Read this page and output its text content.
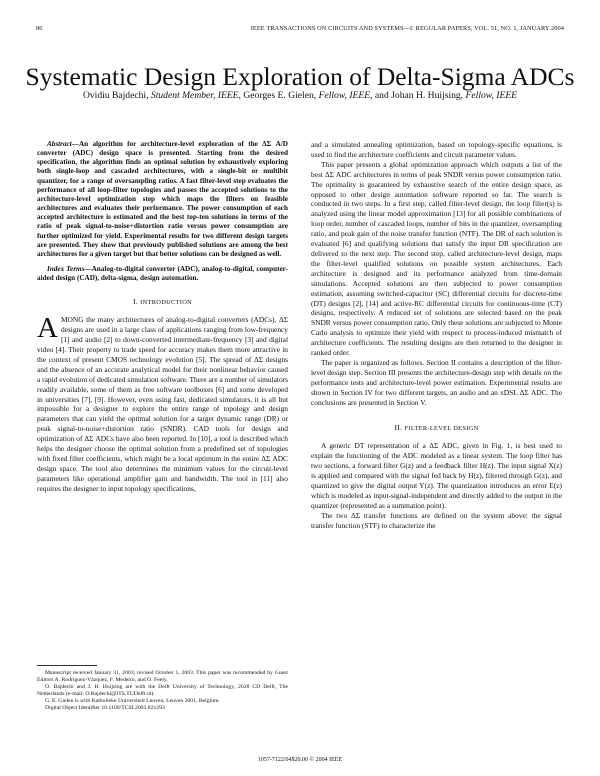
86	IEEE TRANSACTIONS ON CIRCUITS AND SYSTEMS—I: REGULAR PAPERS, VOL. 51, NO. 1, JANUARY 2004
Systematic Design Exploration of Delta-Sigma ADCs
Ovidiu Bajdechi, Student Member, IEEE, Georges E. Gielen, Fellow, IEEE, and Johan H. Huijsing, Fellow, IEEE

Abstract—An algorithm for architecture-level exploration of the ΔΣ A/D converter (ADC) design space is presented. Starting from the desired specification, the algorithm finds an optimal solution by exhaustively exploring both single-loop and cascaded architectures, with a single-bit or multibit quantizer, for a range of oversampling ratios. A fast filter-level step evaluates the performance of all loop-filter topologies and passes the accepted solutions to the architecture-level optimization step which maps the filters on feasible architectures and evaluates their performance. The power consumption of each accepted architecture is estimated and the best top-ten solutions in terms of the ratio of peak signal-to-noise+distortion ratio versus power consumption are further optimized for yield. Experimental results for two different design targets are presented. They show that previously published solutions are among the best architectures for a given target but that better solutions can be designed as well.

Index Terms—Analog-to-digital converter (ADC), analog-to-digital, computer-aided design (CAD), delta-sigma, design automation.

I. INTRODUCTION
A MONG the many architectures of analog-to-digital converters (ADCs), ΔΣ designs are used in a large class of applications ranging from low-frequency [1] and audio [2] to down-converted intermediate-frequency [3] and digital video [4]. Their property to trade speed for accuracy makes them more attractive in the context of present CMOS technology evolution [5]. The spread of ΔΣ designs and the absence of an accurate analytical model for their nonlinear behavior caused a rapid evolution of dedicated simulation software. There are a number of simulators readily available, some of them as free software toolboxes [6] and some developed in universities [7], [9]. However, even using fast, dedicated simulators, it is all but impossible for a designer to explore the entire range of topology and design parameters that can yield the optimal solution for a target dynamic range (DR) or peak signal-to-noise+distortion ratio (SNDR). CAD tools for design and optimization of ΔΣ ADCs have also been reported. In [10], a tool is described which helps the designer choose the optimal solution from a predefined set of topologies with fixed filter coefficients, which might be a local optimum in the entire ΔΣ ADC design space. The tool also determines the minimum values for the circuit-level parameters like operational amplifier gain and bandwidth. The tool in [11] also requires the designer to input topology specifications,

Manuscript received January 31, 2003; revised October 1, 2003. This paper was recommended by Guest Editors A. Rodríguez-Vázquez, F. Medeiro, and O. Feely.

O. Bajdechi and J. H. Huijsing are with the Delft University of Technology, 2628 CD Delft, The Netherlands (e-mail: O.Bajdechi@ITS.TUDelft.nl).

G. E. Gielen is with Katholieke Universiteit Leuven, Leuven 3001, Belgium.

Digital Object Identifier 10.1109/TCSI.2003.821293

and a simulated annealing optimization, based on topology-specific equations, is used to find the architecture coefficients and circuit parameter values.

This paper presents a global optimization approach which outputs a list of the best ΔΣ ADC architectures in terms of peak SNDR versus power consumption ratio. The optimality is guaranteed by exhaustive search of the entire design space, as opposed to other design automation software reported so far. The search is conducted in two steps. In a first step, called filter-level design, the loop filter(s) is analyzed using the linear model approximation [13] for all possible combinations of loop order, number of cascaded loops, number of bits in the quantizer, oversampling ratio, and peak gain of the noise transfer function (NTF). The DR of each solution is evaluated [6] and qualifying solutions that satisfy the input DR specification are delivered to the next step. The second step, called architecture-level design, maps the filter-level qualified solutions on possible system architectures. Each architecture is designed and its performance analyzed from time-domain simulations. Accepted solutions are then subjected to power consumption estimation, assuming switched-capacitor (SC) differential circuits for discrete-time (DT) designs [2], [14] and active-RC differential circuits for continuous-time (CT) designs, respectively. A reduced set of solutions are selected based on the peak SNDR versus power consumption ratio. Only these solutions are subjected to Monte Carlo analysis to optimize their yield with respect to process-induced mismatch of architecture coefficients. The resulting designs are then returned to the designer in ranked order.

The paper is organized as follows. Section II contains a description of the filter-level design step. Section III presents the architecture-design step with details on the performance tests and architecture-level power estimation. Experimental results are shown in Section IV for two different targets, an audio and an xDSL ΔΣ ADC. The conclusions are presented in Section V.

II. FILTER-LEVEL DESIGN

A generic DT representation of a ΔΣ ADC, given in Fig. 1, is best used to explain the functioning of the ADC modeled as a linear system. The loop filter has two sections, a forward filter G(z) and a feedback filter H(z). The input signal X(z) is applied and compared with the signal fed back by H(z), filtered through G(z), and quantized to give the digital output Y(z). The quantization introduces an error E(z) which is modeled as input-signal-independent and directly added to the output in the quantizer (represented as a summation point).

The two ΔΣ transfer functions are defined on the system above: the signal transfer function (STF) to characterize the

1057-7122/04$20.00 © 2004 IEEE
